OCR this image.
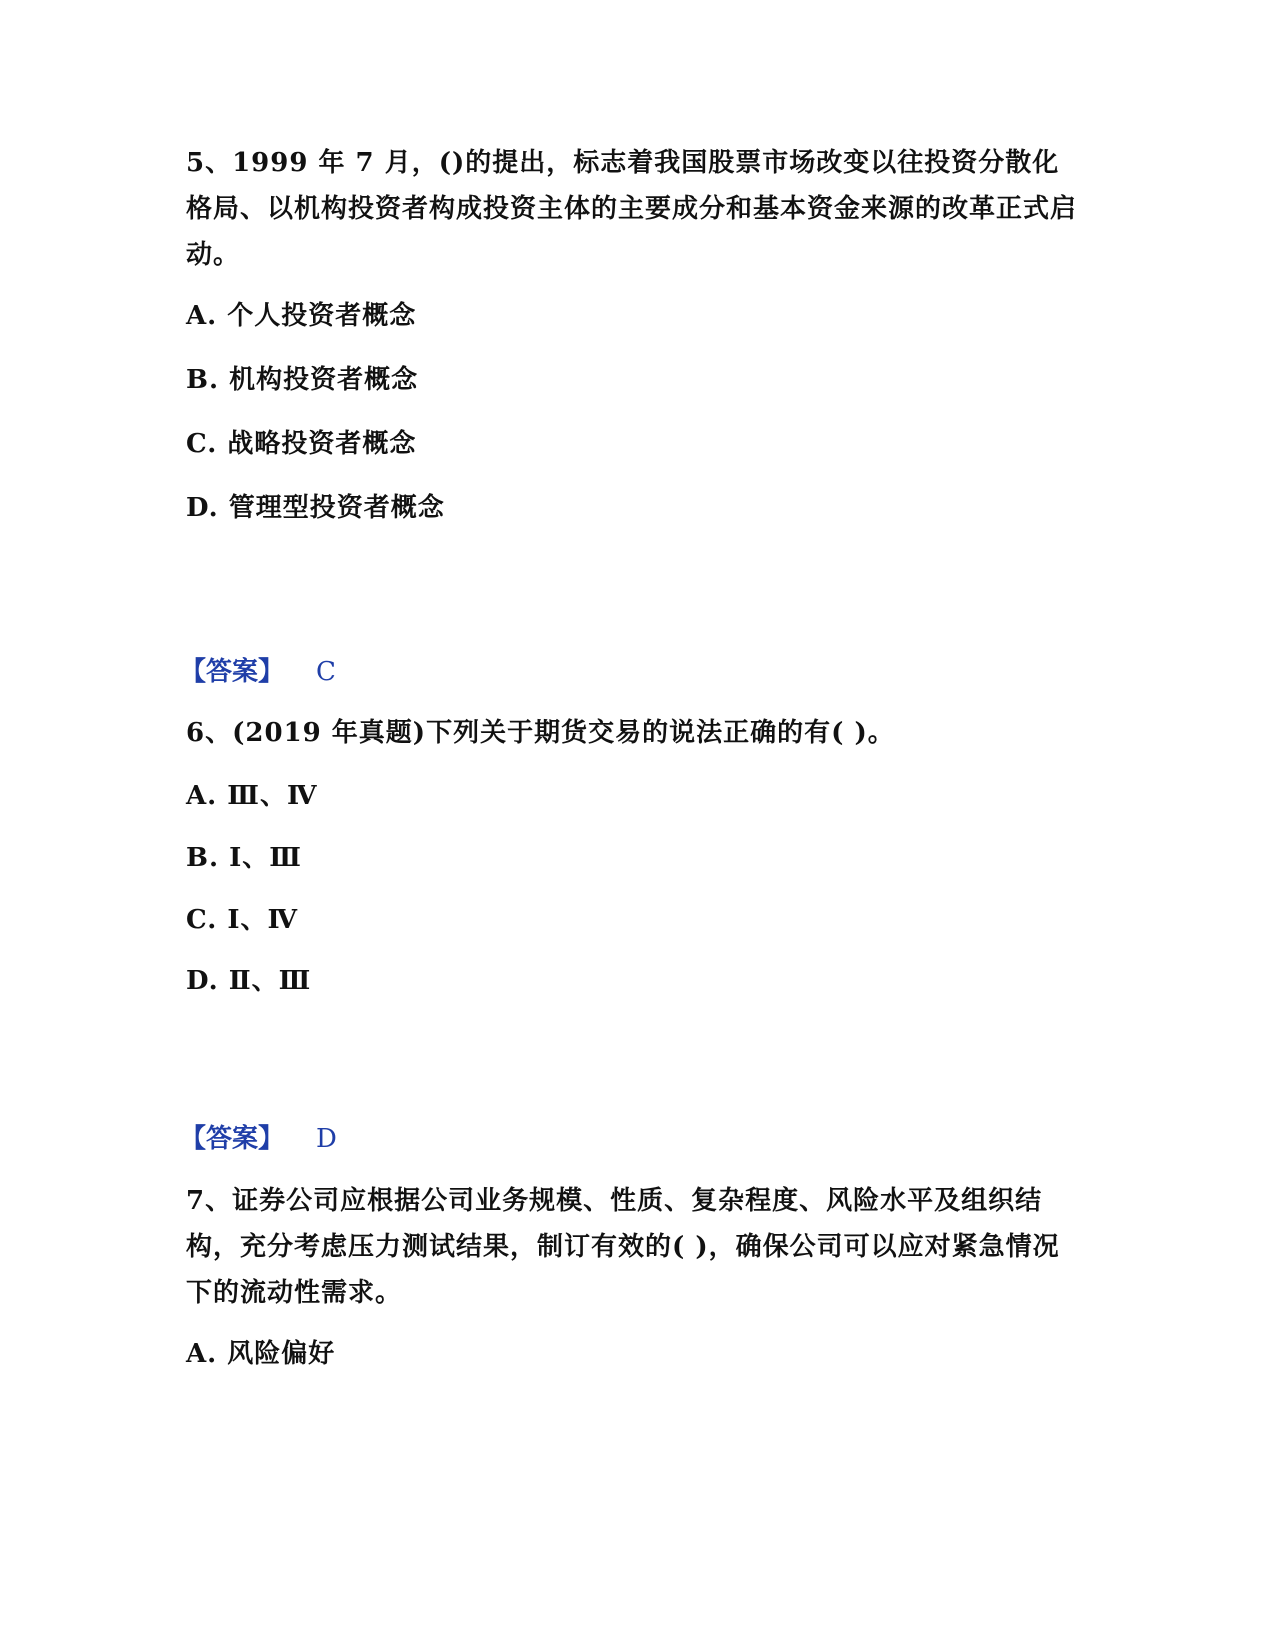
5、1999 年 7 月，()的提出，标志着我国股票市场改变以往投资分散化格局、以机构投资者构成投资主体的主要成分和基本资金来源的改革正式启动。
A. 个人投资者概念
B. 机构投资者概念
C. 战略投资者概念
D. 管理型投资者概念
【答案】 C
6、(2019 年真题)下列关于期货交易的说法正确的有( )。
A. Ⅲ、Ⅳ
B. Ⅰ、Ⅲ
C. Ⅰ、Ⅳ
D. Ⅱ、Ⅲ
【答案】 D
7、证券公司应根据公司业务规模、性质、复杂程度、风险水平及组织结构，充分考虑压力测试结果，制订有效的( )，确保公司可以应对紧急情况下的流动性需求。
A. 风险偏好
